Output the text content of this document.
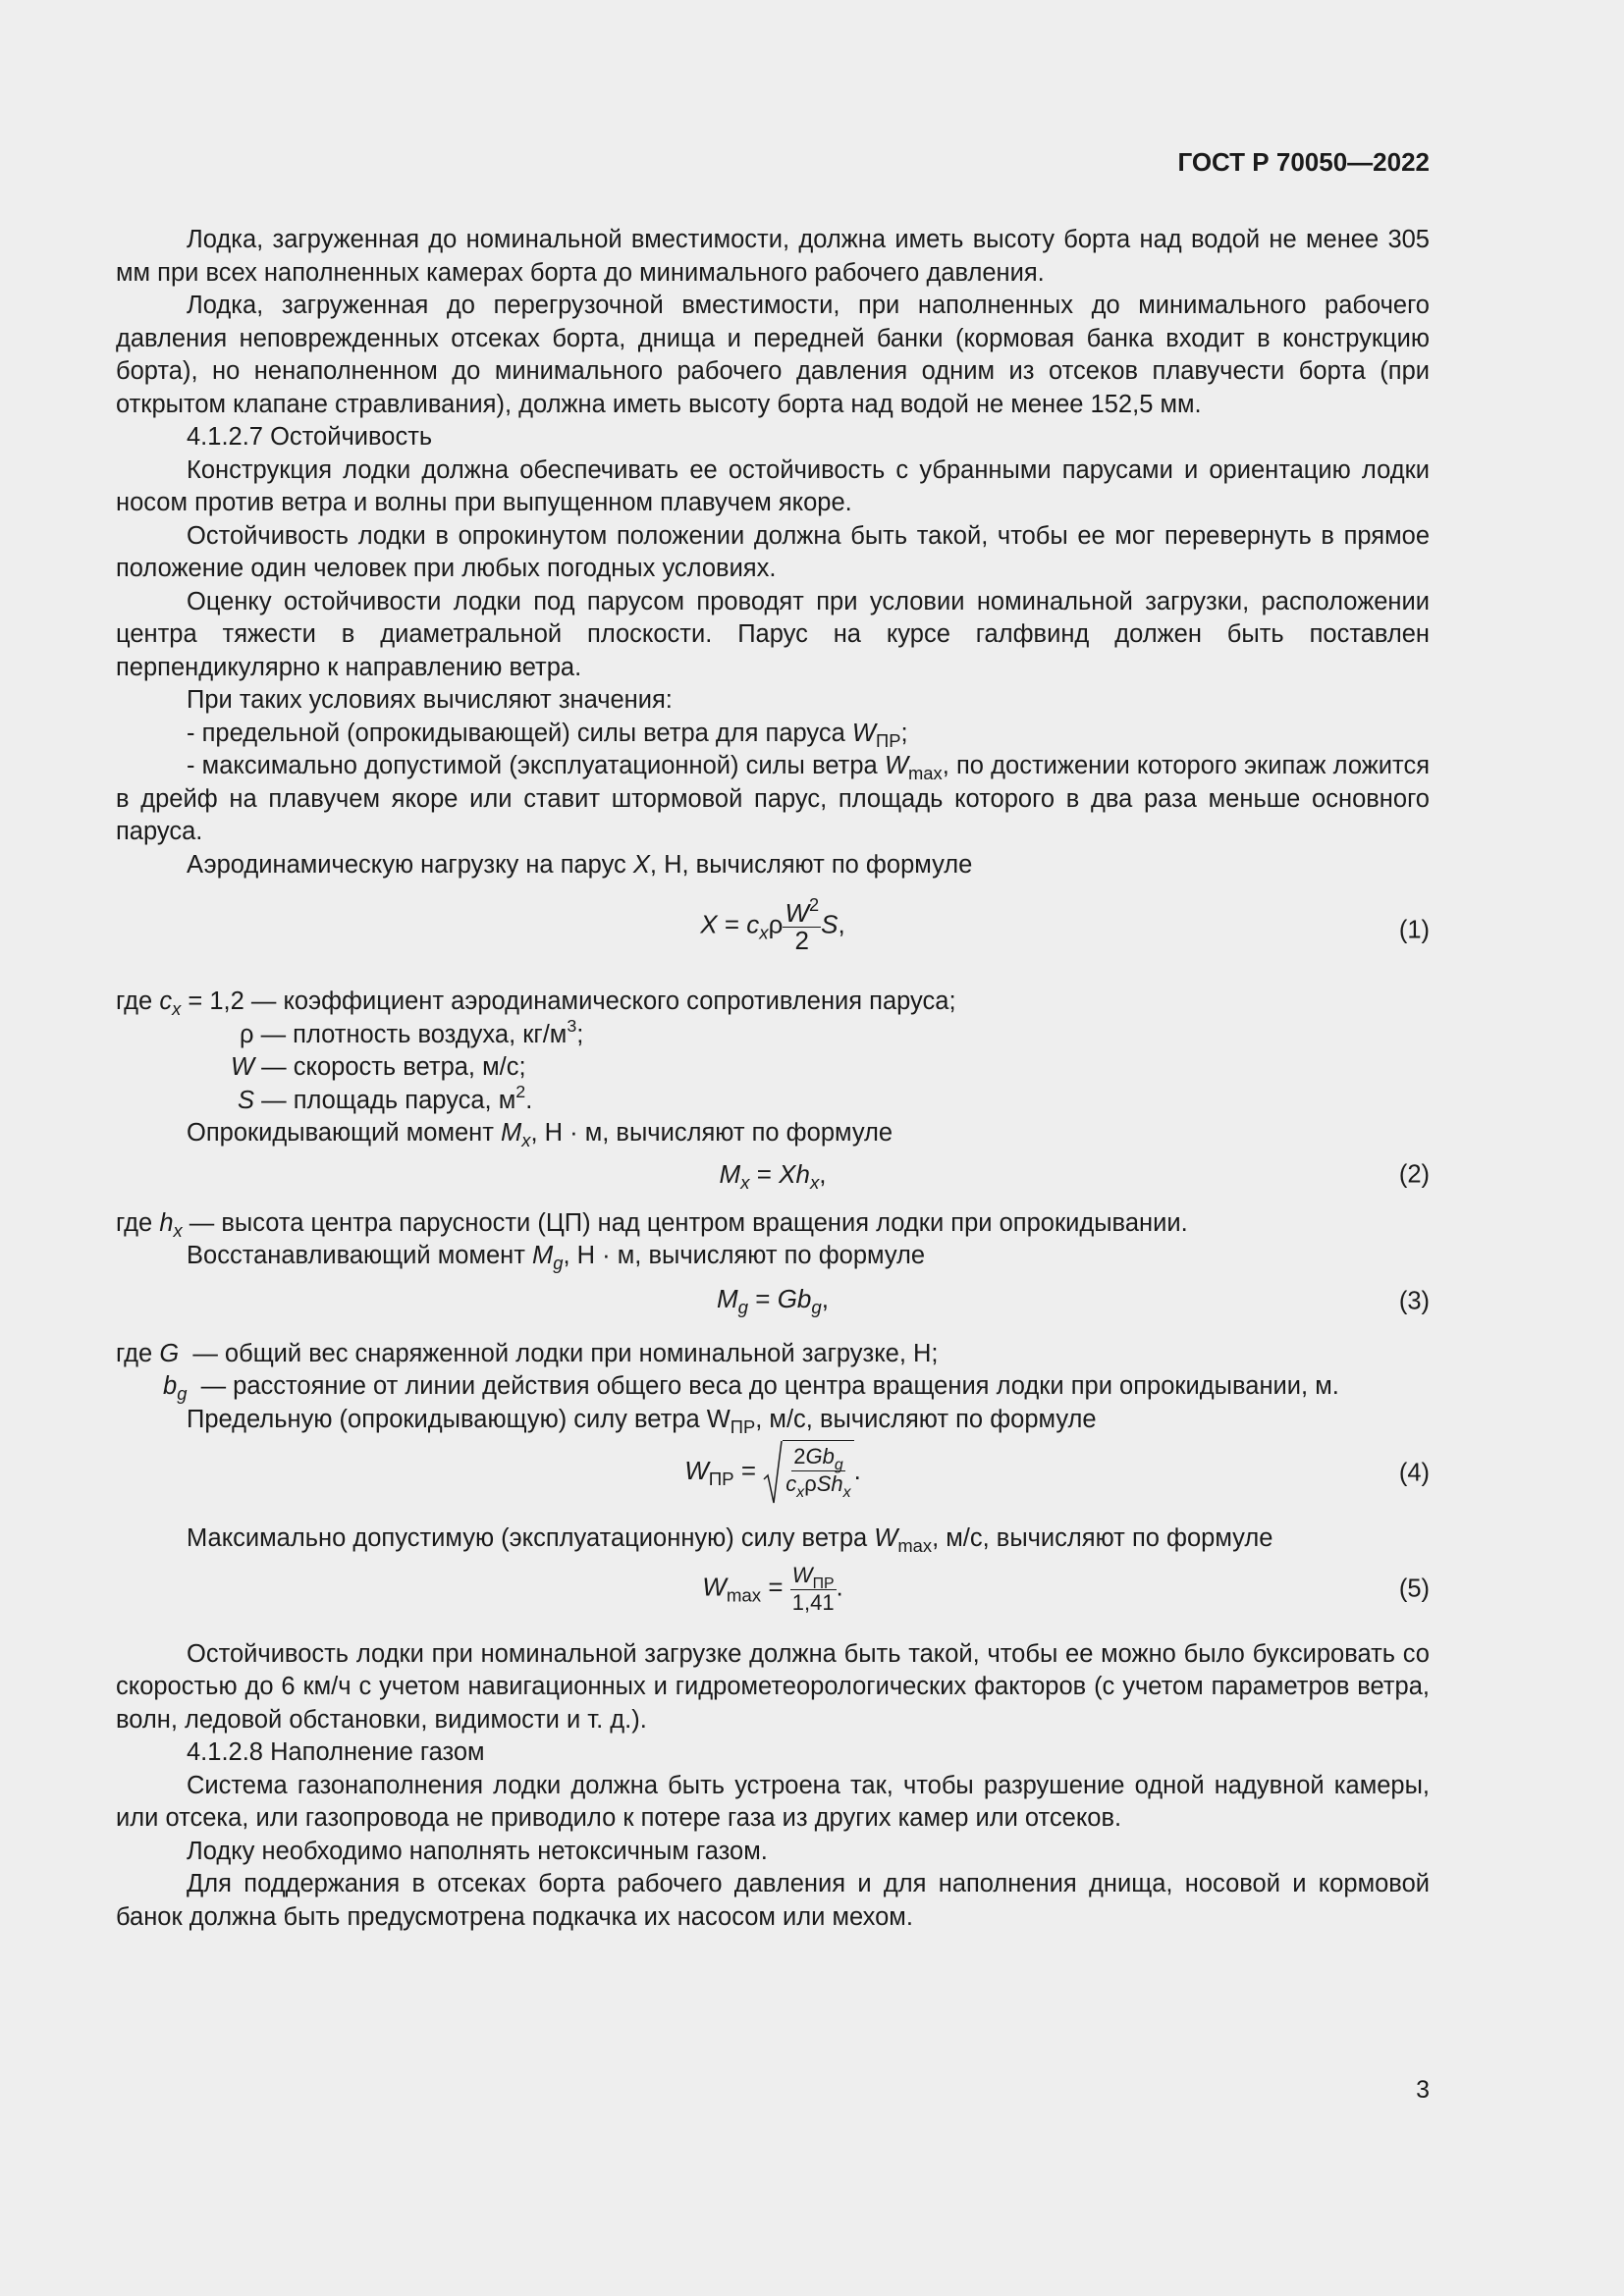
ГОСТ Р 70050—2022

Лодка, загруженная до номинальной вместимости, должна иметь высоту борта над водой не менее 305 мм при всех наполненных камерах борта до минимального рабочего давления.

Лодка, загруженная до перегрузочной вместимости, при наполненных до минимального рабочего давления неповрежденных отсеках борта, днища и передней банки (кормовая банка входит в конструкцию борта), но ненаполненном до минимального рабочего давления одним из отсеков плавучести борта (при открытом клапане стравливания), должна иметь высоту борта над водой не менее 152,5 мм.

4.1.2.7 Остойчивость

Конструкция лодки должна обеспечивать ее остойчивость с убранными парусами и ориентацию лодки носом против ветра и волны при выпущенном плавучем якоре.

Остойчивость лодки в опрокинутом положении должна быть такой, чтобы ее мог перевернуть в прямое положение один человек при любых погодных условиях.

Оценку остойчивости лодки под парусом проводят при условии номинальной загрузки, расположении центра тяжести в диаметральной плоскости. Парус на курсе галфвинд должен быть поставлен перпендикулярно к направлению ветра.

При таких условиях вычисляют значения:

- предельной (опрокидывающей) силы ветра для паруса $W_{ПР}$;

- максимально допустимой (эксплуатационной) силы ветра $W_{max}$, по достижении которого экипаж ложится в дрейф на плавучем якоре или ставит штормовой парус, площадь которого в два раза меньше основного паруса.

Аэродинамическую нагрузку на парус X, Н, вычисляют по формуле

$X = c_x\rho \frac{W^2}{2} S$,	(1)
где $c_x = 1,2$ — коэффициент аэродинамического сопротивления паруса;
ρ — плотность воздуха, $кг/м^3$;
W — скорость ветра, м/с;
S — площадь паруса, $м^2$.

Опрокидывающий момент $M_x$, Н · м, вычисляют по формуле

$M_x = Xh_x$,	(2)
где $h_x$ — высота центра парусности (ЦП) над центром вращения лодки при опрокидывании.

Восстанавливающий момент $M_g$, Н · м, вычисляют по формуле

$M_g = Gb_g$,	(3)
где G — общий вес снаряженной лодки при номинальной загрузке, Н;
$b_g$ — расстояние от линии действия общего веса до центра вращения лодки при опрокидывании, м.

Предельную (опрокидывающую) силу ветра $W_{ПР}$, м/с, вычисляют по формуле

$W_{ПР} = \frac{2Gb_g}{c_x\rho Sh_x}$ .	(4)

Максимально допустимую (эксплуатационную) силу ветра $W_{max}$, м/с, вычисляют по формуле

$W_{max} = \frac{W_{ПР}}{1,41}$ .	(5)

Остойчивость лодки при номинальной загрузке должна быть такой, чтобы ее можно было буксировать со скоростью до 6 км/ч с учетом навигационных и гидрометеорологических факторов (с учетом параметров ветра, волн, ледовой обстановки, видимости и т. д.).

4.1.2.8 Наполнение газом

Система газонаполнения лодки должна быть устроена так, чтобы разрушение одной надувной камеры, или отсека, или газопровода не приводило к потере газа из других камер или отсеков.

Лодку необходимо наполнять нетоксичным газом.

Для поддержания в отсеках борта рабочего давления и для наполнения днища, носовой и кормовой банок должна быть предусмотрена подкачка их насосом или мехом.

3
